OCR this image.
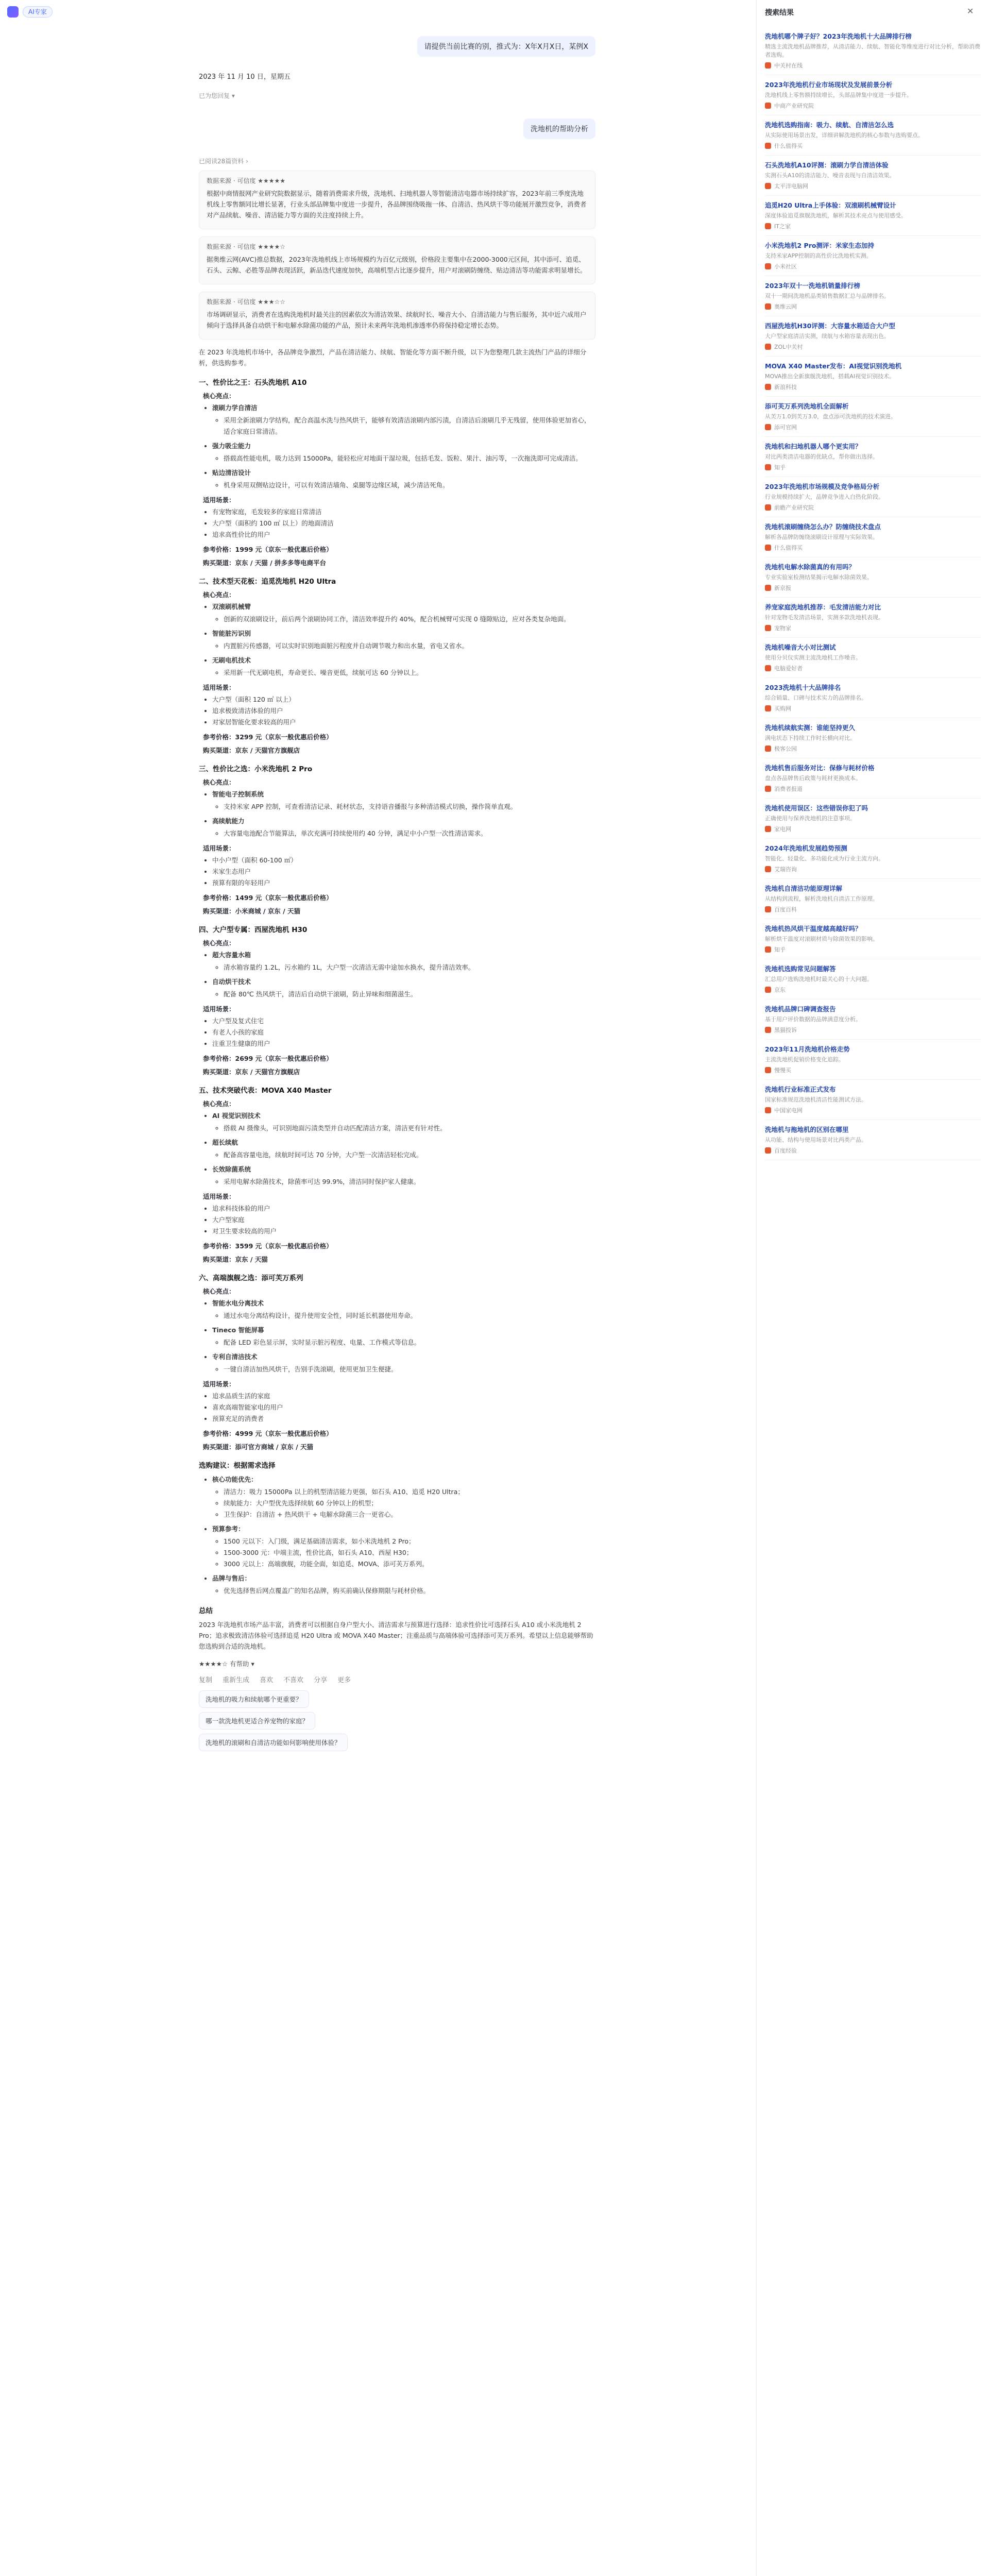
AI专家
请提供当前比赛的别，推式为：X年X月X日，某例X
2023 年 11 月 10 日，星期五
已为您回复 ▾
洗地机的帮助分析
已阅读28篇资料 ›
数据来源 · 可信度 ★★★★★
根据中商情报网产业研究院数据显示，随着消费需求升级，洗地机、扫地机器人等智能清洁电器市场持续扩容，2023年前三季度洗地机线上零售额同比增长显著，行业头部品牌集中度进一步提升，各品牌围绕吸拖一体、自清洁、热风烘干等功能展开激烈竞争，消费者对产品续航、噪音、清洁能力等方面的关注度持续上升。
数据来源 · 可信度 ★★★★☆
据奥维云网(AVC)推总数据，2023年洗地机线上市场规模约为百亿元级别，价格段主要集中在2000-3000元区间，其中添可、追觅、石头、云鲸、必胜等品牌表现活跃，新品迭代速度加快，高端机型占比逐步提升，用户对滚刷防缠绕、贴边清洁等功能需求明显增长。
数据来源 · 可信度 ★★★☆☆
市场调研显示，消费者在选购洗地机时最关注的因素依次为清洁效果、续航时长、噪音大小、自清洁能力与售后服务，其中近六成用户倾向于选择具备自动烘干和电解水除菌功能的产品，预计未来两年洗地机渗透率仍将保持稳定增长态势。
在 2023 年洗地机市场中，各品牌竞争激烈，产品在清洁能力、续航、智能化等方面不断升级，以下为您整理几款主流热门产品的详细分析，供选购参考。
一、性价比之王：石头洗地机 A10
核心亮点：
• 滚刷力学自清洁
◦ 采用全新滚刷力学结构，配合高温水洗与热风烘干，能够有效清洁滚刷内部污渍，自清洁后滚刷几乎无残留，使用体验更加省心，适合家庭日常清洁。
• 强力吸尘能力
◦ 搭载高性能电机，吸力达到 15000Pa，能轻松应对地面干湿垃圾，包括毛发、饭粒、果汁、油污等，一次拖洗即可完成清洁。
• 贴边清洁设计
◦ 机身采用双侧贴边设计，可以有效清洁墙角、桌腿等边缘区域，减少清洁死角。
适用场景：
• 有宠物家庭，毛发较多的家庭日常清洁
• 大户型（面积约 100 ㎡ 以上）的地面清洁
• 追求高性价比的用户
参考价格：1999 元（京东一般优惠后价格）
购买渠道：京东 / 天猫 / 拼多多等电商平台
二、技术型天花板：追觅洗地机 H20 Ultra
核心亮点：
• 双滚刷机械臂
◦ 创新的双滚刷设计，前后两个滚刷协同工作，清洁效率提升约 40%，配合机械臂可实现 0 缝隙贴边，应对各类复杂地面。
• 智能脏污识别
◦ 内置脏污传感器，可以实时识别地面脏污程度并自动调节吸力和出水量，省电又省水。
• 无刷电机技术
◦ 采用新一代无刷电机，寿命更长、噪音更低，续航可达 60 分钟以上。
适用场景：
• 大户型（面积 120 ㎡ 以上）
• 追求极致清洁体验的用户
• 对家居智能化要求较高的用户
参考价格：3299 元（京东一般优惠后价格）
购买渠道：京东 / 天猫官方旗舰店
三、性价比之选：小米洗地机 2 Pro
核心亮点：
• 智能电子控制系统
◦ 支持米家 APP 控制，可查看清洁记录、耗材状态，支持语音播报与多种清洁模式切换，操作简单直观。
• 高续航能力
◦ 大容量电池配合节能算法，单次充满可持续使用约 40 分钟，满足中小户型一次性清洁需求。
适用场景：
• 中小户型（面积 60-100 ㎡）
• 米家生态用户
• 预算有限的年轻用户
参考价格：1499 元（京东一般优惠后价格）
购买渠道：小米商城 / 京东 / 天猫
四、大户型专属：西屋洗地机 H30
核心亮点：
• 超大容量水箱
◦ 清水箱容量约 1.2L，污水箱约 1L，大户型一次清洁无需中途加水换水，提升清洁效率。
• 自动烘干技术
◦ 配备 80℃ 热风烘干，清洁后自动烘干滚刷，防止异味和细菌滋生。
适用场景：
• 大户型及复式住宅
• 有老人小孩的家庭
• 注重卫生健康的用户
参考价格：2699 元（京东一般优惠后价格）
购买渠道：京东 / 天猫官方旗舰店
五、技术突破代表：MOVA X40 Master
核心亮点：
• AI 视觉识别技术
◦ 搭载 AI 摄像头，可识别地面污渍类型并自动匹配清洁方案，清洁更有针对性。
• 超长续航
◦ 配备高容量电池，续航时间可达 70 分钟，大户型一次清洁轻松完成。
• 长效除菌系统
◦ 采用电解水除菌技术，除菌率可达 99.9%，清洁同时保护家人健康。
适用场景：
• 追求科技体验的用户
• 大户型家庭
• 对卫生要求较高的用户
参考价格：3599 元（京东一般优惠后价格）
购买渠道：京东 / 天猫
六、高端旗舰之选：添可芙万系列
核心亮点：
• 智能水电分离技术
◦ 通过水电分离结构设计，提升使用安全性，同时延长机器使用寿命。
• Tineco 智能屏幕
◦ 配备 LED 彩色显示屏，实时显示脏污程度、电量、工作模式等信息。
• 专利自清洁技术
◦ 一键自清洁加热风烘干，告别手洗滚刷，使用更加卫生便捷。
适用场景：
• 追求品质生活的家庭
• 喜欢高端智能家电的用户
• 预算充足的消费者
参考价格：4999 元（京东一般优惠后价格）
购买渠道：添可官方商城 / 京东 / 天猫
选购建议：根据需求选择
• 核心功能优先：
◦ 清洁力：吸力 15000Pa 以上的机型清洁能力更强，如石头 A10、追觅 H20 Ultra；
◦ 续航能力：大户型优先选择续航 60 分钟以上的机型；
◦ 卫生保护：自清洁 + 热风烘干 + 电解水除菌三合一更省心。
• 预算参考：
◦ 1500 元以下：入门级，满足基础清洁需求，如小米洗地机 2 Pro；
◦ 1500-3000 元：中端主流，性价比高，如石头 A10、西屋 H30；
◦ 3000 元以上：高端旗舰，功能全面，如追觅、MOVA、添可芙万系列。
• 品牌与售后：
◦ 优先选择售后网点覆盖广的知名品牌，购买前确认保修期限与耗材价格。
总结
2023 年洗地机市场产品丰富，消费者可以根据自身户型大小、清洁需求与预算进行选择：追求性价比可选择石头 A10 或小米洗地机 2 Pro；追求极致清洁体验可选择追觅 H20 Ultra 或 MOVA X40 Master；注重品质与高端体验可选择添可芙万系列。希望以上信息能够帮助您选购到合适的洗地机。
★★★★☆ 有帮助 ▾
复制 重新生成 喜欢 不喜欢 分享 更多
洗地机的吸力和续航哪个更重要？
哪一款洗地机更适合养宠物的家庭？
洗地机的滚刷和自清洁功能如何影响使用体验？
搜索结果	✕
洗地机哪个牌子好？2023年洗地机十大品牌排行榜
精选主流洗地机品牌推荐，从清洁能力、续航、智能化等维度进行对比分析，帮助消费者选购。
中关村在线
2023年洗地机行业市场现状及发展前景分析
洗地机线上零售额持续增长，头部品牌集中度进一步提升。
中商产业研究院
洗地机选购指南：吸力、续航、自清洁怎么选
从实际使用场景出发，详细讲解洗地机的核心参数与选购要点。
什么值得买
石头洗地机A10评测：滚刷力学自清洁体验
实测石头A10的清洁能力、噪音表现与自清洁效果。
太平洋电脑网
追觅H20 Ultra上手体验：双滚刷机械臂设计
深度体验追觅旗舰洗地机，解析其技术亮点与使用感受。
IT之家
小米洗地机2 Pro测评：米家生态加持
支持米家APP控制的高性价比洗地机实测。
小米社区
2023年双十一洗地机销量排行榜
双十一期间洗地机品类销售数据汇总与品牌排名。
奥维云网
西屋洗地机H30评测：大容量水箱适合大户型
大户型家庭清洁实测，续航与水箱容量表现出色。
ZOL中关村
MOVA X40 Master发布：AI视觉识别洗地机
MOVA推出全新旗舰洗地机，搭载AI视觉识别技术。
新浪科技
添可芙万系列洗地机全面解析
从芙万1.0到芙万3.0，盘点添可洗地机的技术演进。
添可官网
洗地机和扫地机器人哪个更实用？
对比两类清洁电器的优缺点，帮你做出选择。
知乎
2023年洗地机市场规模及竞争格局分析
行业规模持续扩大，品牌竞争进入白热化阶段。
前瞻产业研究院
洗地机滚刷缠绕怎么办？防缠绕技术盘点
解析各品牌防缠绕滚刷设计原理与实际效果。
什么值得买
洗地机电解水除菌真的有用吗？
专业实验室检测结果揭示电解水除菌效果。
新京报
养宠家庭洗地机推荐：毛发清洁能力对比
针对宠物毛发清洁场景，实测多款洗地机表现。
宠物家
洗地机噪音大小对比测试
使用分贝仪实测主流洗地机工作噪音。
电脑爱好者
2023洗地机十大品牌排名
综合销量、口碑与技术实力的品牌排名。
买购网
洗地机续航实测：谁能坚持更久
满电状态下持续工作时长横向对比。
极客公园
洗地机售后服务对比：保修与耗材价格
盘点各品牌售后政策与耗材更换成本。
消费者报道
洗地机使用误区：这些错误你犯了吗
正确使用与保养洗地机的注意事项。
家电网
2024年洗地机发展趋势预测
智能化、轻量化、多功能化成为行业主流方向。
艾瑞咨询
洗地机自清洁功能原理详解
从结构到流程，解析洗地机自清洁工作原理。
百度百科
洗地机热风烘干温度越高越好吗？
解析烘干温度对滚刷材质与除菌效果的影响。
知乎
洗地机选购常见问题解答
汇总用户选购洗地机时最关心的十大问题。
京东
洗地机品牌口碑调查报告
基于用户评价数据的品牌满意度分析。
黑猫投诉
2023年11月洗地机价格走势
主流洗地机促销价格变化追踪。
慢慢买
洗地机行业标准正式发布
国家标准规范洗地机清洁性能测试方法。
中国家电网
洗地机与拖地机的区别在哪里
从功能、结构与使用场景对比两类产品。
百度经验
